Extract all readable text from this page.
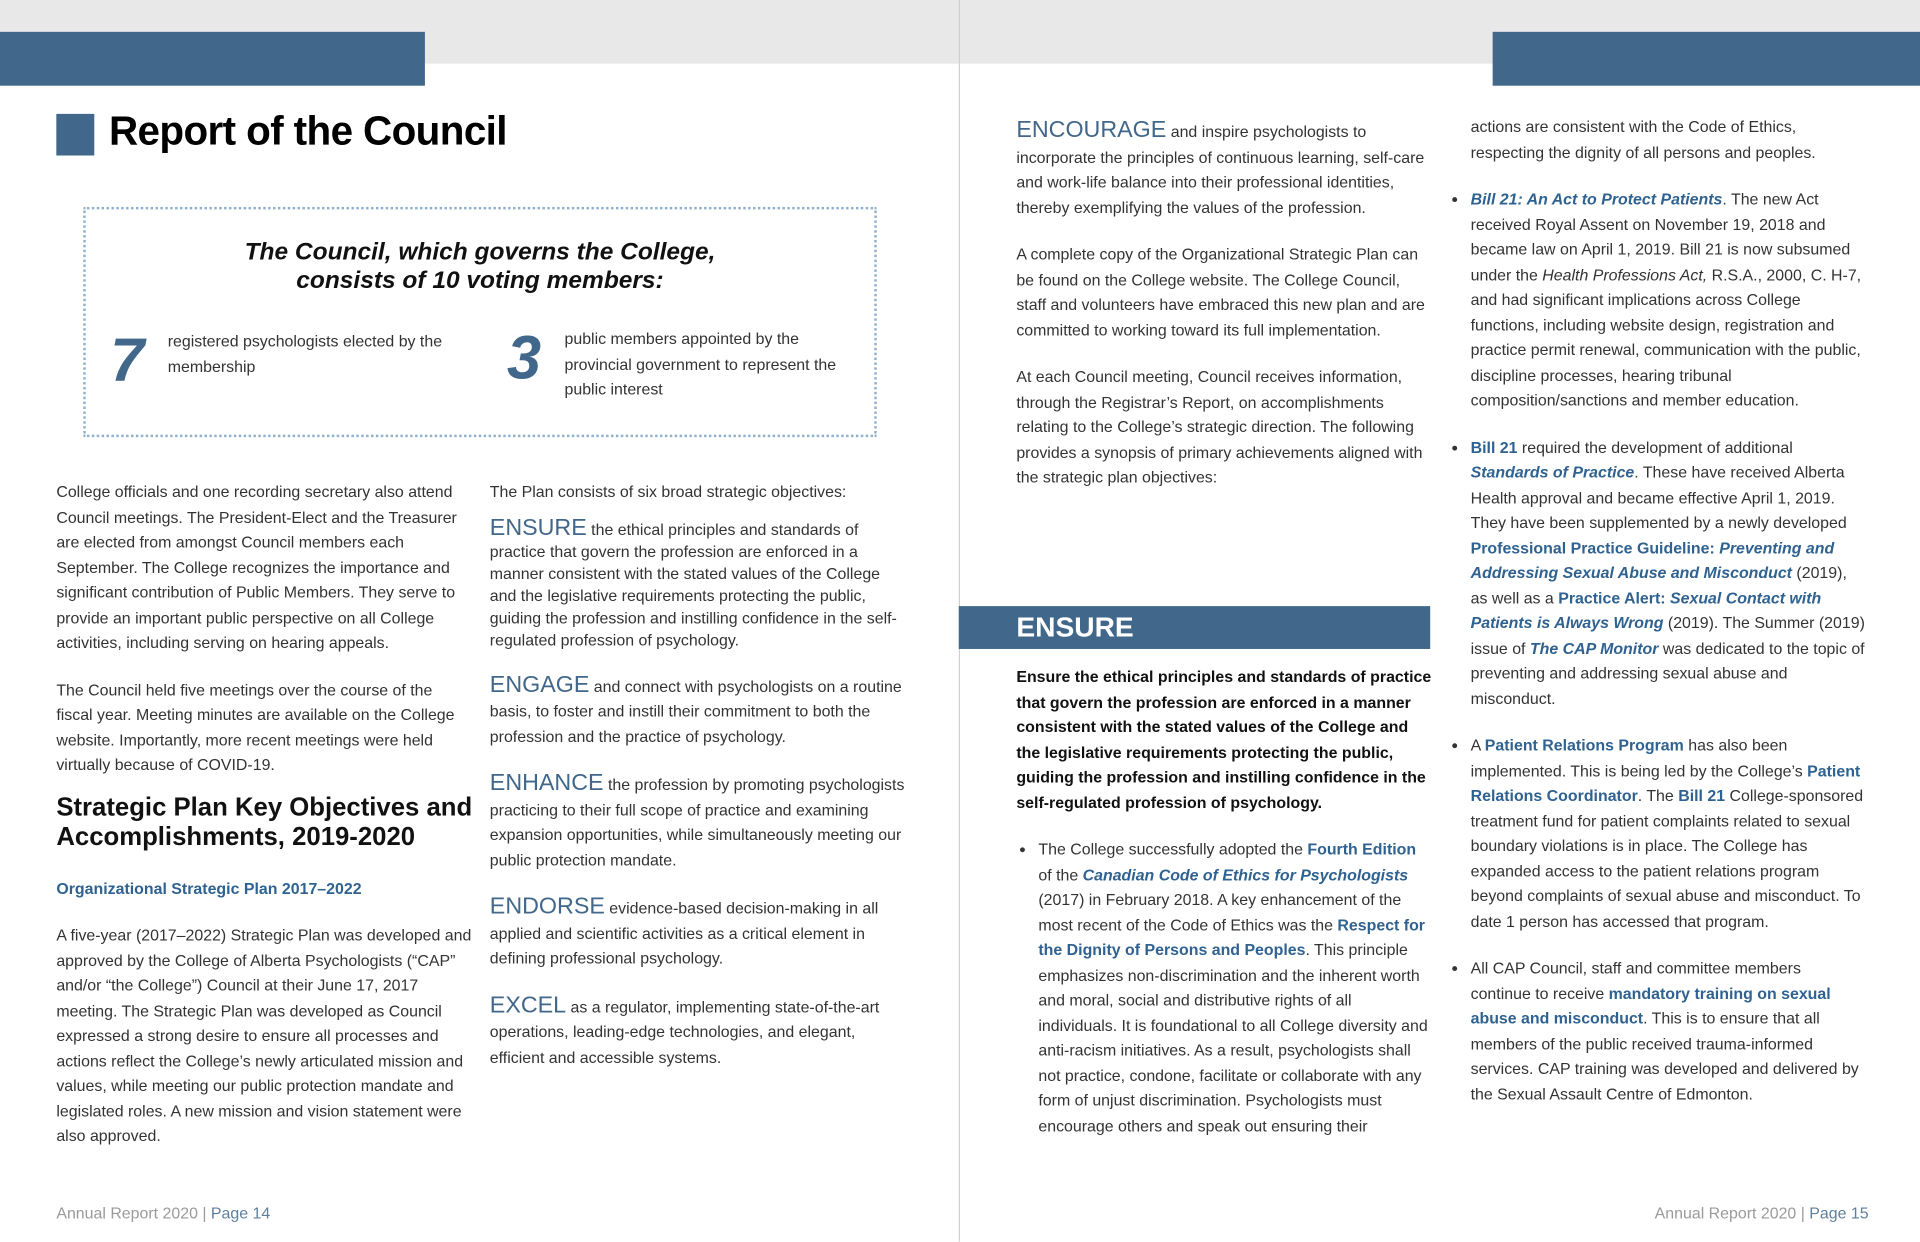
Report of the Council
The Council, which governs the College,
consists of 10 voting members:
7 registered psychologists elected by the membership	3 public members appointed by the provincial government to represent the public interest

College officials and one recording secretary also attend Council meetings. The President-Elect and the Treasurer are elected from amongst Council members each September. The College recognizes the importance and significant contribution of Public Members. They serve to provide an important public perspective on all College activities, including serving on hearing appeals.

The Council held five meetings over the course of the fiscal year. Meeting minutes are available on the College website. Importantly, more recent meetings were held virtually because of COVID-19.

Strategic Plan Key Objectives and Accomplishments, 2019-2020
Organizational Strategic Plan 2017–2022

A five-year (2017–2022) Strategic Plan was developed and approved by the College of Alberta Psychologists (“CAP” and/or “the College”) Council at their June 17, 2017 meeting. The Strategic Plan was developed as Council expressed a strong desire to ensure all processes and actions reflect the College’s newly articulated mission and values, while meeting our public protection mandate and legislated roles. A new mission and vision statement were also approved.

The Plan consists of six broad strategic objectives:

ENSURE the ethical principles and standards of practice that govern the profession are enforced in a manner consistent with the stated values of the College and the legislative requirements protecting the public, guiding the profession and instilling confidence in the self-regulated profession of psychology.

ENGAGE and connect with psychologists on a routine basis, to foster and instill their commitment to both the profession and the practice of psychology.

ENHANCE the profession by promoting psychologists practicing to their full scope of practice and examining expansion opportunities, while simultaneously meeting our public protection mandate.

ENDORSE evidence-based decision-making in all applied and scientific activities as a critical element in defining professional psychology.

EXCEL as a regulator, implementing state-of-the-art operations, leading-edge technologies, and elegant, efficient and accessible systems.

Annual Report 2020 | Page 14

ENCOURAGE and inspire psychologists to incorporate the principles of continuous learning, self-care and work-life balance into their professional identities, thereby exemplifying the values of the profession.

A complete copy of the Organizational Strategic Plan can be found on the College website. The College Council, staff and volunteers have embraced this new plan and are committed to working toward its full implementation.

At each Council meeting, Council receives information, through the Registrar’s Report, on accomplishments relating to the College’s strategic direction. The following provides a synopsis of primary achievements aligned with the strategic plan objectives:

ENSURE

Ensure the ethical principles and standards of practice that govern the profession are enforced in a manner consistent with the stated values of the College and the legislative requirements protecting the public, guiding the profession and instilling confidence in the self-regulated profession of psychology.

• The College successfully adopted the Fourth Edition of the Canadian Code of Ethics for Psychologists (2017) in February 2018. A key enhancement of the most recent of the Code of Ethics was the Respect for the Dignity of Persons and Peoples. This principle emphasizes non-discrimination and the inherent worth and moral, social and distributive rights of all individuals. It is foundational to all College diversity and anti-racism initiatives. As a result, psychologists shall not practice, condone, facilitate or collaborate with any form of unjust discrimination. Psychologists must encourage others and speak out ensuring their

actions are consistent with the Code of Ethics, respecting the dignity of all persons and peoples.

• Bill 21: An Act to Protect Patients. The new Act received Royal Assent on November 19, 2018 and became law on April 1, 2019. Bill 21 is now subsumed under the Health Professions Act, R.S.A., 2000, C. H-7, and had significant implications across College functions, including website design, registration and practice permit renewal, communication with the public, discipline processes, hearing tribunal composition/sanctions and member education.
• Bill 21 required the development of additional Standards of Practice. These have received Alberta Health approval and became effective April 1, 2019. They have been supplemented by a newly developed Professional Practice Guideline: Preventing and Addressing Sexual Abuse and Misconduct (2019), as well as a Practice Alert: Sexual Contact with Patients is Always Wrong (2019). The Summer (2019) issue of The CAP Monitor was dedicated to the topic of preventing and addressing sexual abuse and misconduct.
• A Patient Relations Program has also been implemented. This is being led by the College’s Patient Relations Coordinator. The Bill 21 College-sponsored treatment fund for patient complaints related to sexual boundary violations is in place. The College has expanded access to the patient relations program beyond complaints of sexual abuse and misconduct. To date 1 person has accessed that program.
• All CAP Council, staff and committee members continue to receive mandatory training on sexual abuse and misconduct. This is to ensure that all members of the public received trauma-informed services. CAP training was developed and delivered by the Sexual Assault Centre of Edmonton.
Annual Report 2020 | Page 15
